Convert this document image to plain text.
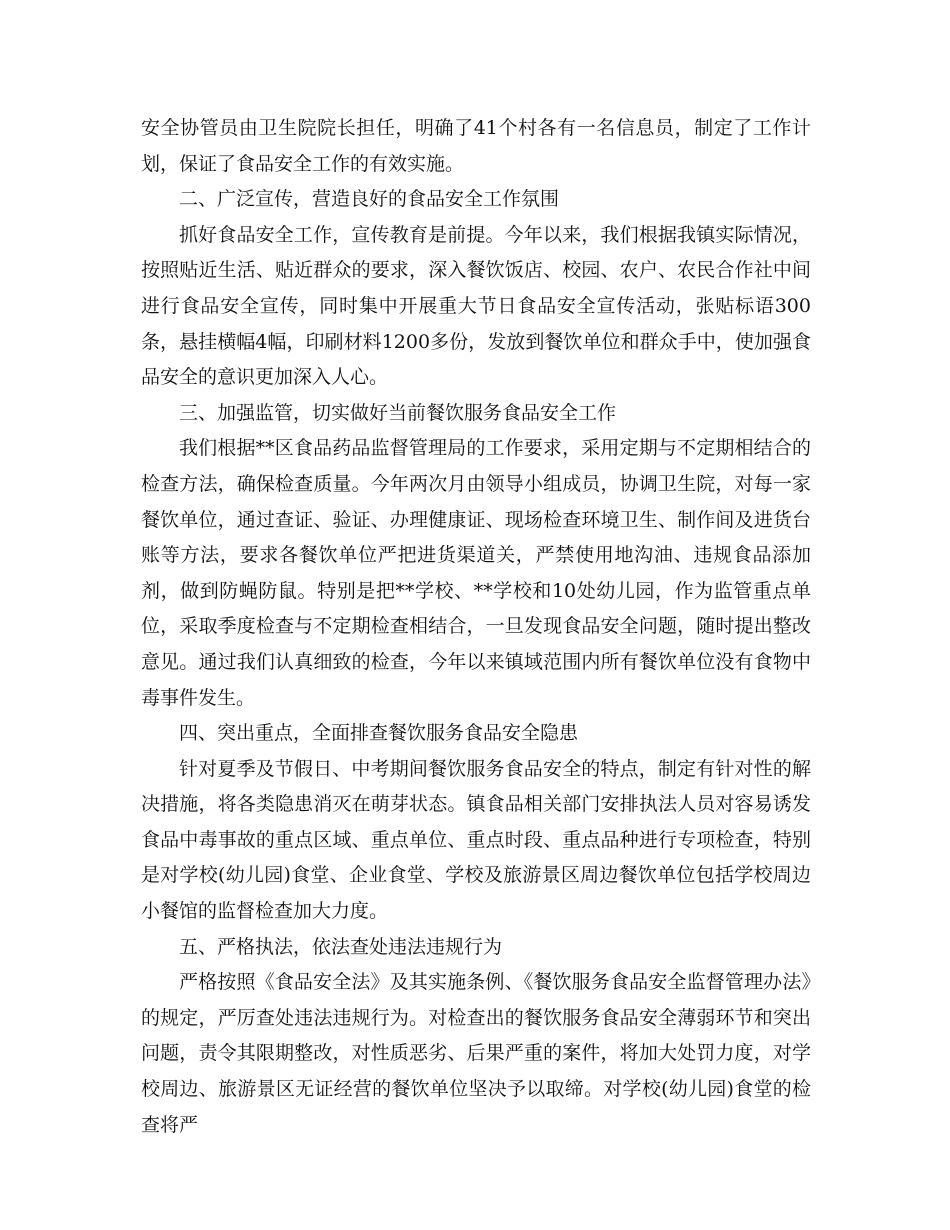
安全协管员由卫生院院长担任，明确了41个村各有一名信息员，制定了工作计划，保证了食品安全工作的有效实施。

二、广泛宣传，营造良好的食品安全工作氛围

抓好食品安全工作，宣传教育是前提。今年以来，我们根据我镇实际情况，按照贴近生活、贴近群众的要求，深入餐饮饭店、校园、农户、农民合作社中间进行食品安全宣传，同时集中开展重大节日食品安全宣传活动，张贴标语300条，悬挂横幅4幅，印刷材料1200多份，发放到餐饮单位和群众手中，使加强食品安全的意识更加深入人心。

三、加强监管，切实做好当前餐饮服务食品安全工作

我们根据**区食品药品监督管理局的工作要求，采用定期与不定期相结合的检查方法，确保检查质量。今年两次月由领导小组成员，协调卫生院，对每一家餐饮单位，通过查证、验证、办理健康证、现场检查环境卫生、制作间及进货台账等方法，要求各餐饮单位严把进货渠道关，严禁使用地沟油、违规食品添加剂，做到防蝇防鼠。特别是把**学校、**学校和10处幼儿园，作为监管重点单位，采取季度检查与不定期检查相结合，一旦发现食品安全问题，随时提出整改意见。通过我们认真细致的检查，今年以来镇域范围内所有餐饮单位没有食物中毒事件发生。

四、突出重点，全面排查餐饮服务食品安全隐患

针对夏季及节假日、中考期间餐饮服务食品安全的特点，制定有针对性的解决措施，将各类隐患消灭在萌芽状态。镇食品相关部门安排执法人员对容易诱发食品中毒事故的重点区域、重点单位、重点时段、重点品种进行专项检查，特别是对学校(幼儿园)食堂、企业食堂、学校及旅游景区周边餐饮单位包括学校周边小餐馆的监督检查加大力度。

五、严格执法，依法查处违法违规行为

严格按照《食品安全法》及其实施条例、《餐饮服务食品安全监督管理办法》的规定，严厉查处违法违规行为。对检查出的餐饮服务食品安全薄弱环节和突出问题，责令其限期整改，对性质恶劣、后果严重的案件，将加大处罚力度，对学校周边、旅游景区无证经营的餐饮单位坚决予以取缔。对学校(幼儿园)食堂的检查将严
